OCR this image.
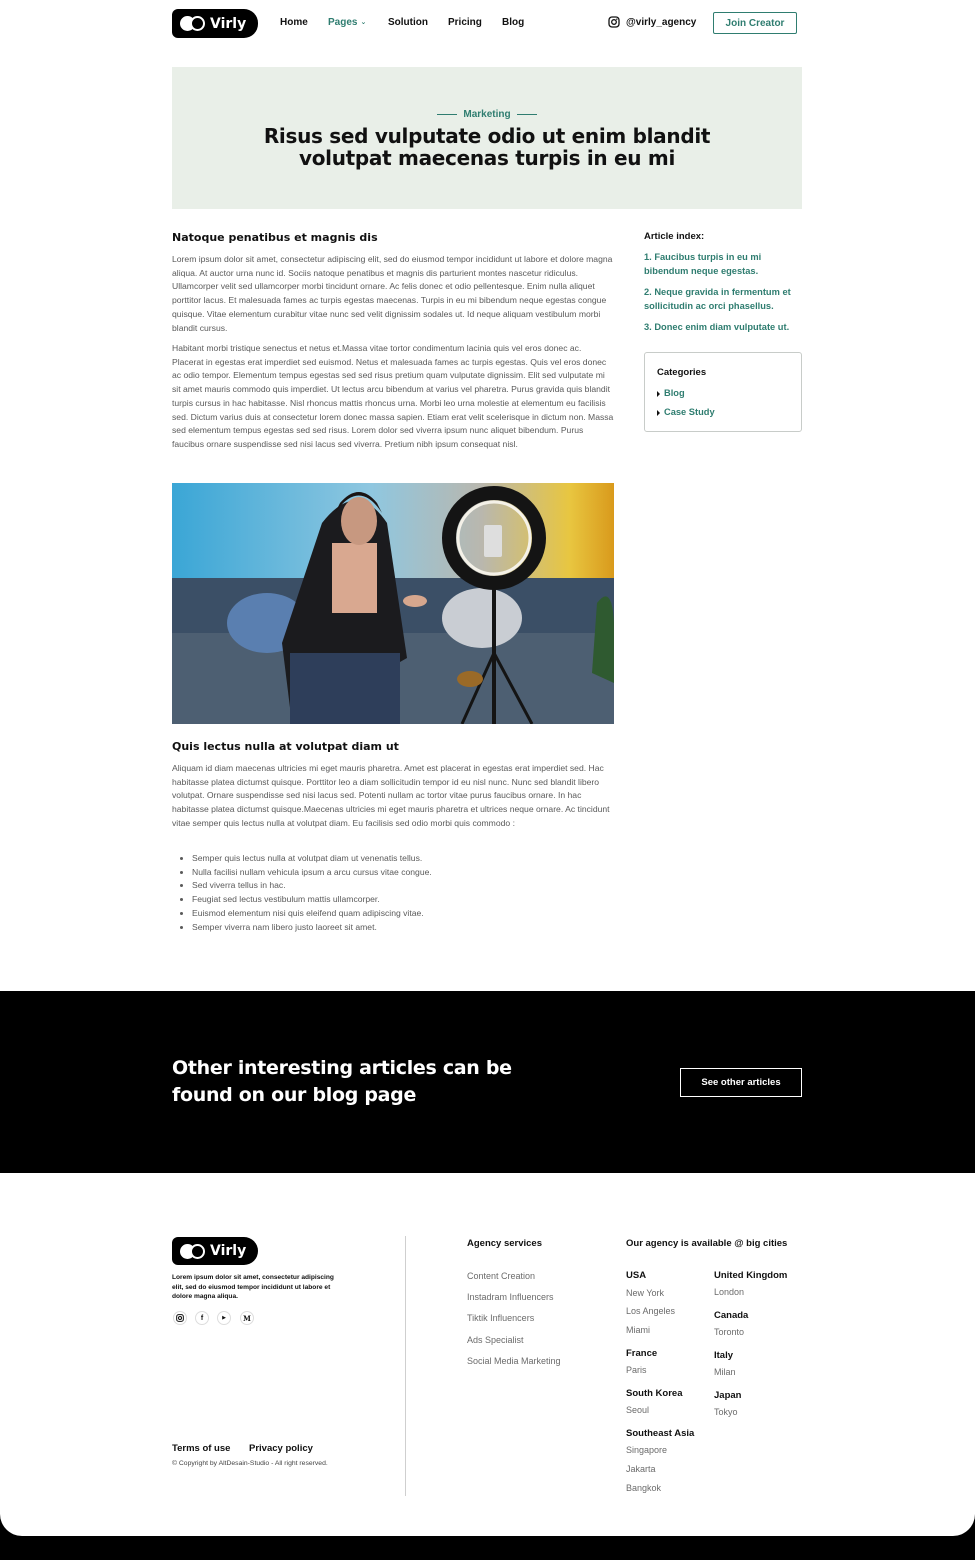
Virly	Home Pages ⌄ Solution Pricing Blog	@virly_agency	Join Creator
Marketing
Risus sed vulputate odio ut enim blandit
volutpat maecenas turpis in eu mi
Natoque penatibus et magnis dis

Lorem ipsum dolor sit amet, consectetur adipiscing elit, sed do eiusmod tempor incididunt ut labore et dolore magna aliqua. At auctor urna nunc id. Sociis natoque penatibus et magnis dis parturient montes nascetur ridiculus. Ullamcorper velit sed ullamcorper morbi tincidunt ornare. Ac felis donec et odio pellentesque. Enim nulla aliquet porttitor lacus. Et malesuada fames ac turpis egestas maecenas. Turpis in eu mi bibendum neque egestas congue quisque. Vitae elementum curabitur vitae nunc sed velit dignissim sodales ut. Id neque aliquam vestibulum morbi blandit cursus.

Habitant morbi tristique senectus et netus et.Massa vitae tortor condimentum lacinia quis vel eros donec ac. Placerat in egestas erat imperdiet sed euismod. Netus et malesuada fames ac turpis egestas. Quis vel eros donec ac odio tempor. Elementum tempus egestas sed sed risus pretium quam vulputate dignissim. Elit sed vulputate mi sit amet mauris commodo quis imperdiet. Ut lectus arcu bibendum at varius vel pharetra. Purus gravida quis blandit turpis cursus in hac habitasse. Nisl rhoncus mattis rhoncus urna. Morbi leo urna molestie at elementum eu facilisis sed. Dictum varius duis at consectetur lorem donec massa sapien. Etiam erat velit scelerisque in dictum non. Massa sed elementum tempus egestas sed sed risus. Lorem dolor sed viverra ipsum nunc aliquet bibendum. Purus faucibus ornare suspendisse sed nisi lacus sed viverra. Pretium nibh ipsum consequat nisl.

Quis lectus nulla at volutpat diam ut

Aliquam id diam maecenas ultricies mi eget mauris pharetra. Amet est placerat in egestas erat imperdiet sed. Hac habitasse platea dictumst quisque. Porttitor leo a diam sollicitudin tempor id eu nisl nunc. Nunc sed blandit libero volutpat. Ornare suspendisse sed nisi lacus sed. Potenti nullam ac tortor vitae purus faucibus ornare. In hac habitasse platea dictumst quisque.Maecenas ultricies mi eget mauris pharetra et ultrices neque ornare. Ac tincidunt vitae semper quis lectus nulla at volutpat diam. Eu facilisis sed odio morbi quis commodo :

• Semper quis lectus nulla at volutpat diam ut venenatis tellus.
• Nulla facilisi nullam vehicula ipsum a arcu cursus vitae congue.
• Sed viverra tellus in hac.
• Feugiat sed lectus vestibulum mattis ullamcorper.
• Euismod elementum nisi quis eleifend quam adipiscing vitae.
• Semper viverra nam libero justo laoreet sit amet.
Article index:
1. Faucibus turpis in eu mi
bibendum neque egestas.
2. Neque gravida in fermentum et
sollicitudin ac orci phasellus.
3. Donec enim diam vulputate ut.
Categories
Blog
Case Study
Other interesting articles can be
found on our blog page
See other articles
Virly

Lorem ipsum dolor sit amet, consectetur adipiscing elit, sed do eiusmod tempor incididunt ut labore et dolore magna aliqua.

f	▶	M
Terms of use Privacy policy
© Copyright by AltDesain-Studio - All right reserved.
Agency services
Content Creation
Instadram Influencers
Tiktik Influencers
Ads Specialist
Social Media Marketing
Our agency is available @ big cities
USA
New York
Los Angeles
Miami
France
Paris
South Korea
Seoul
Southeast Asia
Singapore
Jakarta
Bangkok
United Kingdom
London
Canada
Toronto
Italy
Milan
Japan
Tokyo
